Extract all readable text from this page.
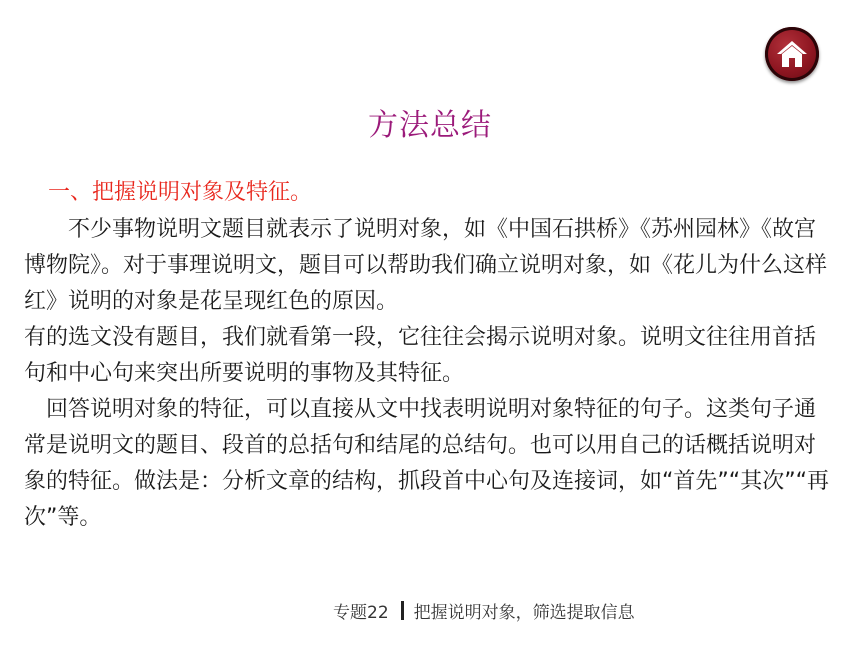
方法总结
一、把握说明对象及特征。

　　不少事物说明文题目就表示了说明对象，如《中国石拱桥》《苏州园林》《故宫博物院》。对于事理说明文，题目可以帮助我们确立说明对象，如《花儿为什么这样红》说明的对象是花呈现红色的原因。

有的选文没有题目，我们就看第一段，它往往会揭示说明对象。说明文往往用首括句和中心句来突出所要说明的事物及其特征。

　回答说明对象的特征，可以直接从文中找表明说明对象特征的句子。这类句子通常是说明文的题目、段首的总括句和结尾的总结句。也可以用自己的话概括说明对象的特征。做法是：分析文章的结构，抓段首中心句及连接词，如“首先”“其次”“再次”等。

专题22 把握说明对象，筛选提取信息
